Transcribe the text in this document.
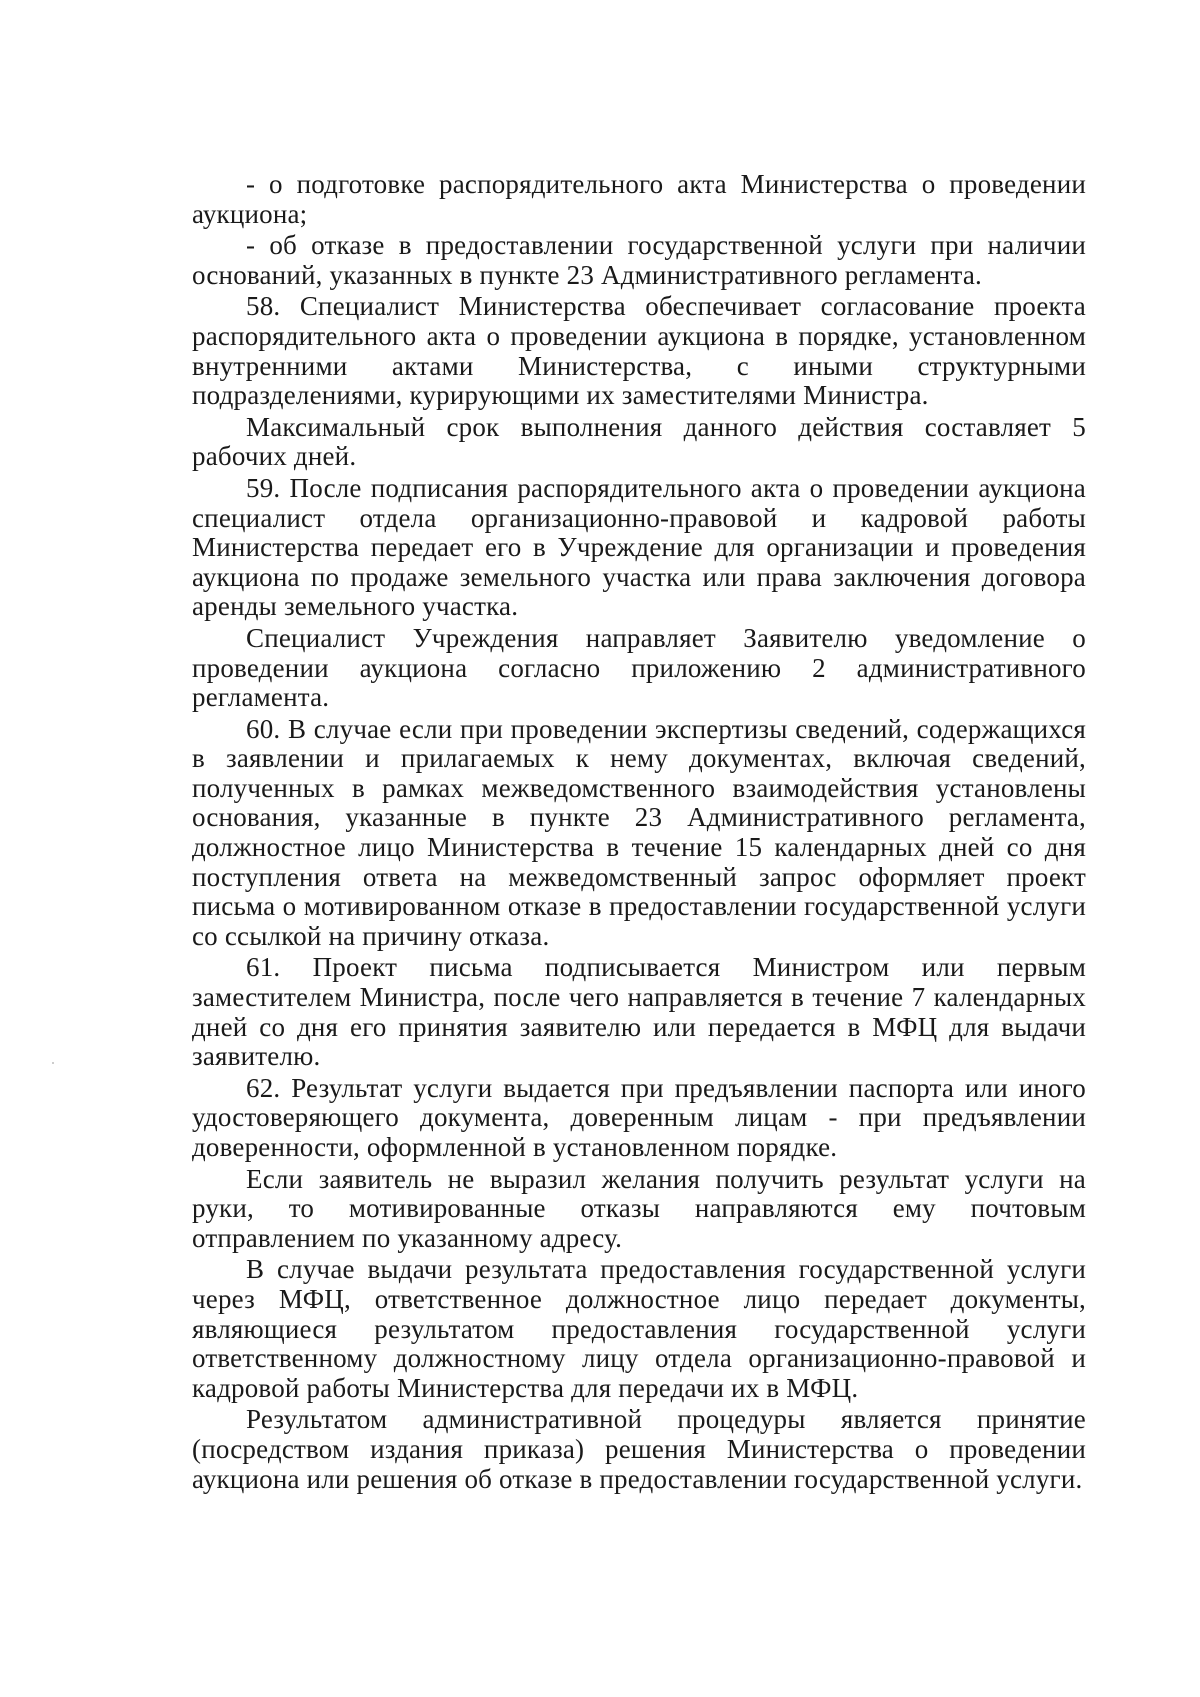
- о подготовке распорядительного акта Министерства о проведении аукциона;

- об отказе в предоставлении государственной услуги при наличии оснований, указанных в пункте 23 Административного регламента.

58. Специалист Министерства обеспечивает согласование проекта распорядительного акта о проведении аукциона в порядке, установленном внутренними актами Министерства, с иными структурными подразделениями, курирующими их заместителями Министра.

Максимальный срок выполнения данного действия составляет 5 рабочих дней.

59. После подписания распорядительного акта о проведении аукциона специалист отдела организационно-правовой и кадровой работы Министерства передает его в Учреждение для организации и проведения аукциона по продаже земельного участка или права заключения договора аренды земельного участка.

Специалист Учреждения направляет Заявителю уведомление о проведении аукциона согласно приложению 2 административного регламента.

60. В случае если при проведении экспертизы сведений, содержащихся в заявлении и прилагаемых к нему документах, включая сведений, полученных в рамках межведомственного взаимодействия установлены основания, указанные в пункте 23 Административного регламента, должностное лицо Министерства в течение 15 календарных дней со дня поступления ответа на межведомственный запрос оформляет проект письма о мотивированном отказе в предоставлении государственной услуги со ссылкой на причину отказа.

61. Проект письма подписывается Министром или первым заместителем Министра, после чего направляется в течение 7 календарных дней со дня его принятия заявителю или передается в МФЦ для выдачи заявителю.

62. Результат услуги выдается при предъявлении паспорта или иного удостоверяющего документа, доверенным лицам - при предъявлении доверенности, оформленной в установленном порядке.

Если заявитель не выразил желания получить результат услуги на руки, то мотивированные отказы направляются ему почтовым отправлением по указанному адресу.

В случае выдачи результата предоставления государственной услуги через МФЦ, ответственное должностное лицо передает документы, являющиеся результатом предоставления государственной услуги ответственному должностному лицу отдела организационно-правовой и кадровой работы Министерства для передачи их в МФЦ.

Результатом административной процедуры является принятие (посредством издания приказа) решения Министерства о проведении аукциона или решения об отказе в предоставлении государственной услуги.
